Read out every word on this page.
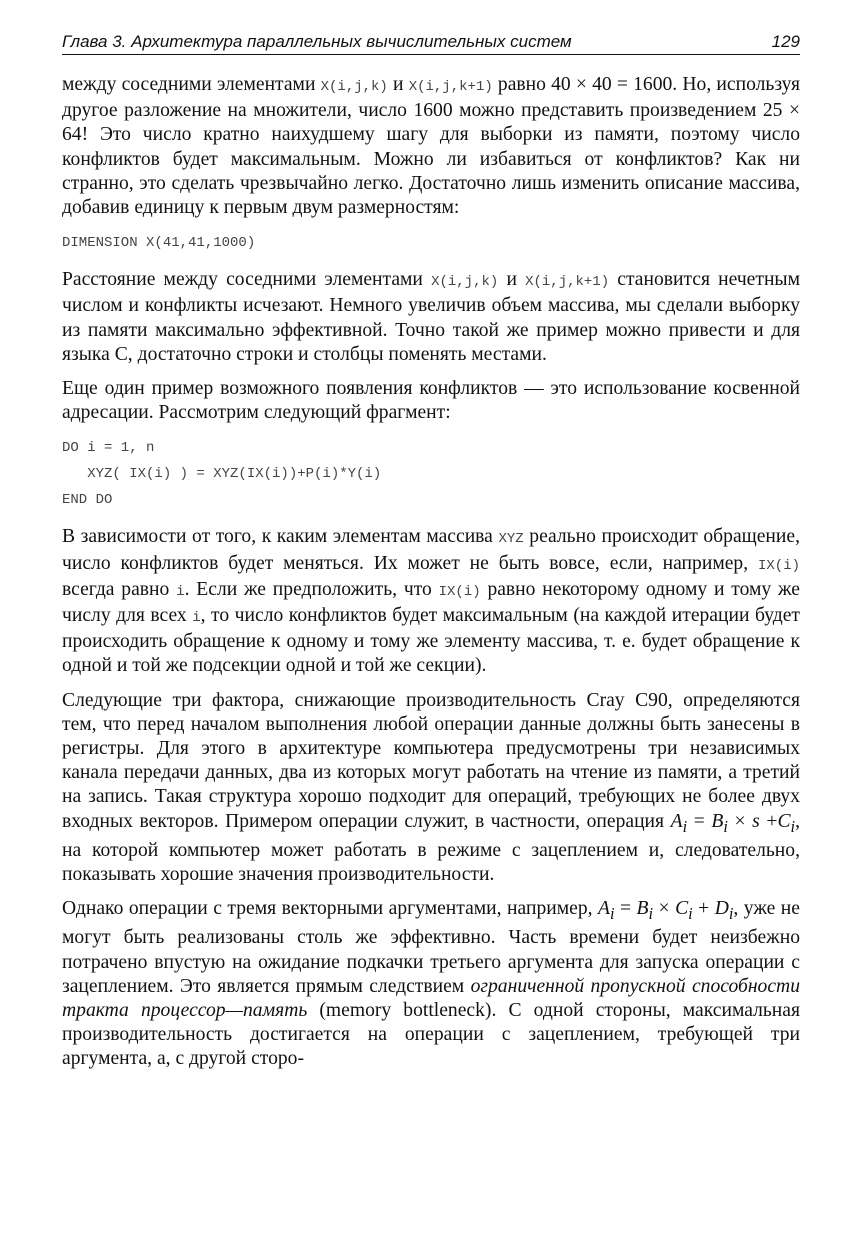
Глава 3. Архитектура параллельных вычислительных систем	129

между соседними элементами X(i,j,k) и X(i,j,k+1) равно 40 × 40 = 1600. Но, используя другое разложение на множители, число 1600 можно представить произведением 25 × 64! Это число кратно наихудшему шагу для выборки из памяти, поэтому число конфликтов будет максимальным. Можно ли избавиться от конфликтов? Как ни странно, это сделать чрезвычайно легко. Достаточно лишь изменить описание массива, добавив единицу к первым двум размерностям:

DIMENSION X(41,41,1000)

Расстояние между соседними элементами X(i,j,k) и X(i,j,k+1) становится нечетным числом и конфликты исчезают. Немного увеличив объем массива, мы сделали выборку из памяти максимально эффективной. Точно такой же пример можно привести и для языка C, достаточно строки и столбцы поменять местами.

Еще один пример возможного появления конфликтов — это использование косвенной адресации. Рассмотрим следующий фрагмент:

DO i = 1, n
XYZ( IX(i) ) = XYZ(IX(i))+P(i)*Y(i)
END DO

В зависимости от того, к каким элементам массива XYZ реально происходит обращение, число конфликтов будет меняться. Их может не быть вовсе, если, например, IX(i) всегда равно i. Если же предположить, что IX(i) равно некоторому одному и тому же числу для всех i, то число конфликтов будет максимальным (на каждой итерации будет происходить обращение к одному и тому же элементу массива, т. е. будет обращение к одной и той же подсекции одной и той же секции).

Следующие три фактора, снижающие производительность Cray C90, определяются тем, что перед началом выполнения любой операции данные должны быть занесены в регистры. Для этого в архитектуре компьютера предусмотрены три независимых канала передачи данных, два из которых могут работать на чтение из памяти, а третий на запись. Такая структура хорошо подходит для операций, требующих не более двух входных векторов. Примером операции служит, в частности, операция $A_i = B_i \times s +C_i$, на которой компьютер может работать в режиме с зацеплением и, следовательно, показывать хорошие значения производительности.

Однако операции с тремя векторными аргументами, например, $A_i = B_i \times C_i + D_i$, уже не могут быть реализованы столь же эффективно. Часть времени будет неизбежно потрачено впустую на ожидание подкачки третьего аргумента для запуска операции с зацеплением. Это является прямым следствием ограниченной пропускной способности тракта процессор—память (memory bottleneck). С одной стороны, максимальная производительность достигается на операции с зацеплением, требующей три аргумента, а, с другой сторо-
